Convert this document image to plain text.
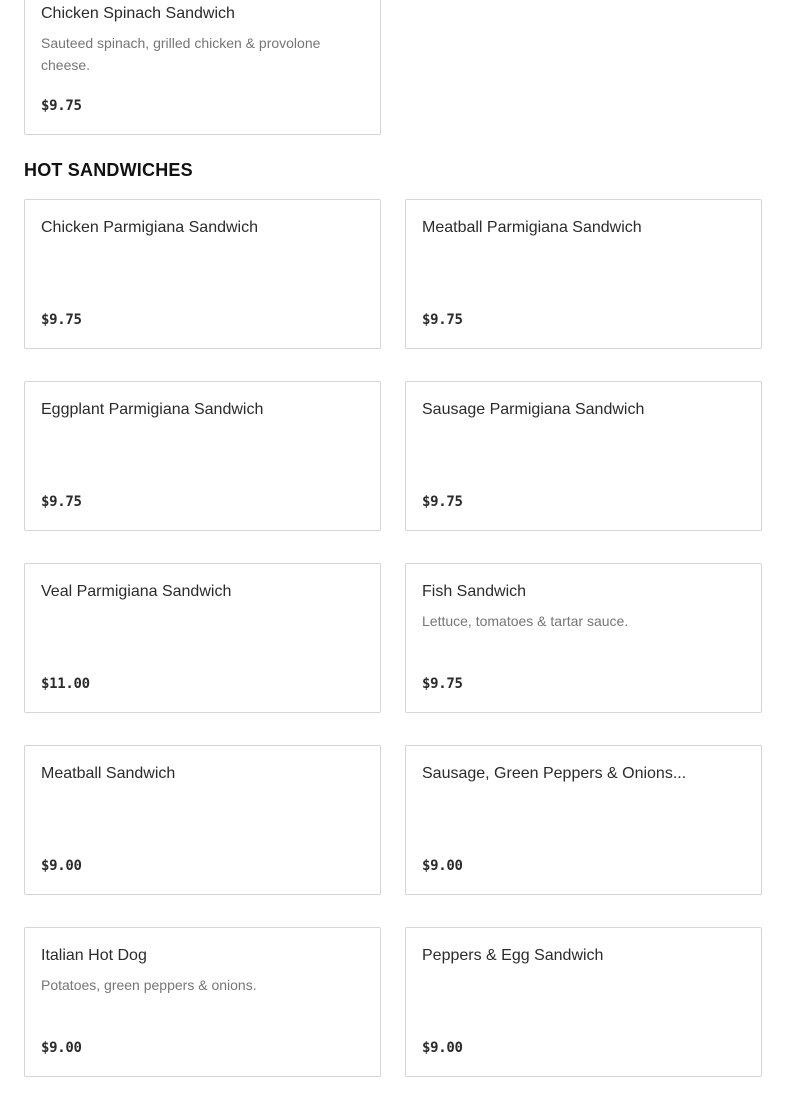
Chicken Spinach Sandwich
Sauteed spinach, grilled chicken & provolone cheese.
$9.75
HOT SANDWICHES
Chicken Parmigiana Sandwich
$9.75
Meatball Parmigiana Sandwich
$9.75
Eggplant Parmigiana Sandwich
$9.75
Sausage Parmigiana Sandwich
$9.75
Veal Parmigiana Sandwich
$11.00
Fish Sandwich
Lettuce, tomatoes & tartar sauce.
$9.75
Meatball Sandwich
$9.00
Sausage, Green Peppers & Onions...
$9.00
Italian Hot Dog
Potatoes, green peppers & onions.
$9.00
Peppers & Egg Sandwich
$9.00
